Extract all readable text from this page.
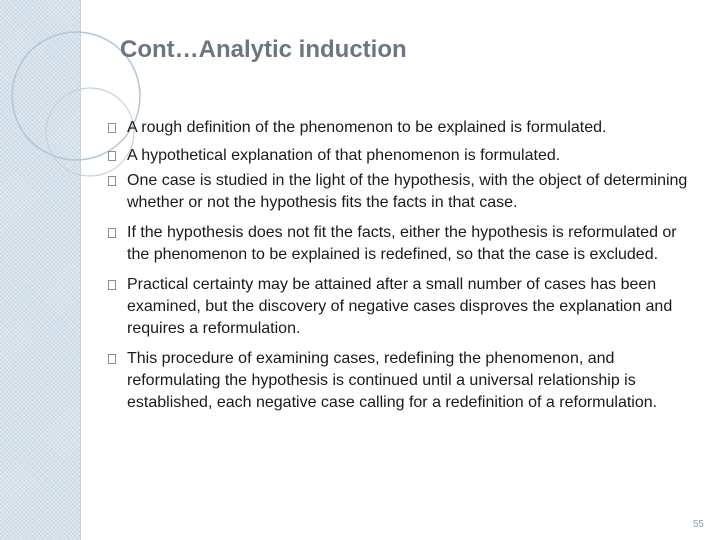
Cont…Analytic induction
A rough definition of the phenomenon to be explained is formulated.
A hypothetical explanation of that phenomenon is formulated.
One case is studied in the light of the hypothesis, with the object of determining whether or not the hypothesis fits the facts in that case.
If the hypothesis does not fit the facts, either the hypothesis is reformulated or the phenomenon to be explained is redefined, so that the case is excluded.
Practical certainty may be attained after a small number of cases has been examined, but the discovery of negative cases disproves the explanation and requires a reformulation.
This procedure of examining cases, redefining the phenomenon, and reformulating the hypothesis is continued until a universal relationship is established, each negative case calling for a redefinition of a reformulation.
55
